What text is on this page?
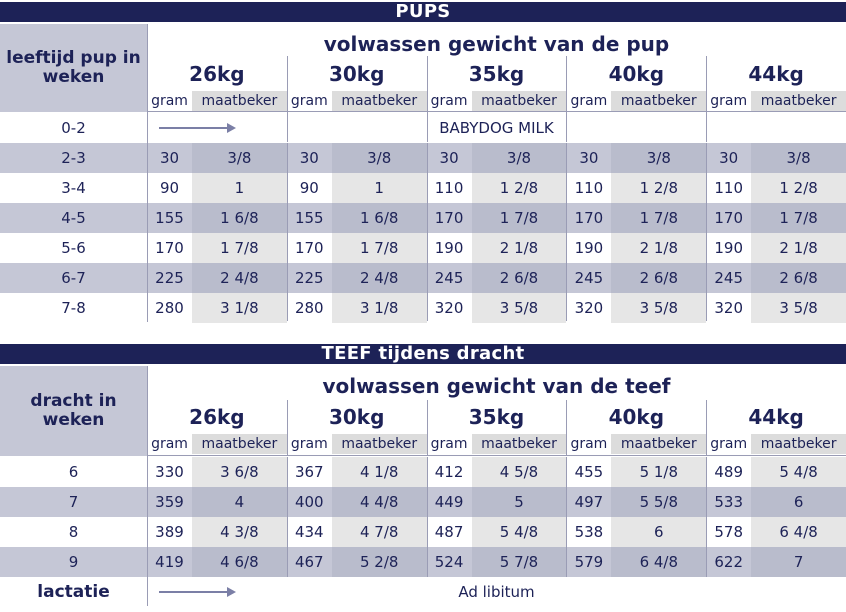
PUPS
leeftijd pup in weken
volwassen gewicht van de pup
26kg	30kg	35kg	40kg	44kg
gram maatbeker gram maatbeker gram maatbeker gram maatbeker gram maatbeker
0-2	BABYDOG MILK
2-3	30	3/8	30	3/8	30	3/8	30	3/8	30	3/8
3-4	90	1	90	1	110	1 2/8	110	1 2/8	110	1 2/8
4-5	155	1 6/8	155	1 6/8	170	1 7/8	170	1 7/8	170	1 7/8
5-6	170	1 7/8	170	1 7/8	190	2 1/8	190	2 1/8	190	2 1/8
6-7	225	2 4/8	225	2 4/8	245	2 6/8	245	2 6/8	245	2 6/8
7-8	280	3 1/8	280	3 1/8	320	3 5/8	320	3 5/8	320	3 5/8
TEEF tijdens dracht
dracht in weken
volwassen gewicht van de teef
26kg	30kg	35kg	40kg	44kg
gram maatbeker gram maatbeker gram maatbeker gram maatbeker gram maatbeker
6	330	3 6/8	367	4 1/8	412	4 5/8	455	5 1/8	489	5 4/8
7	359	4	400	4 4/8	449	5	497	5 5/8	533	6
8	389	4 3/8	434	4 7/8	487	5 4/8	538	6	578	6 4/8
9	419	4 6/8	467	5 2/8	524	5 7/8	579	6 4/8	622	7
lactatie	Ad libitum
